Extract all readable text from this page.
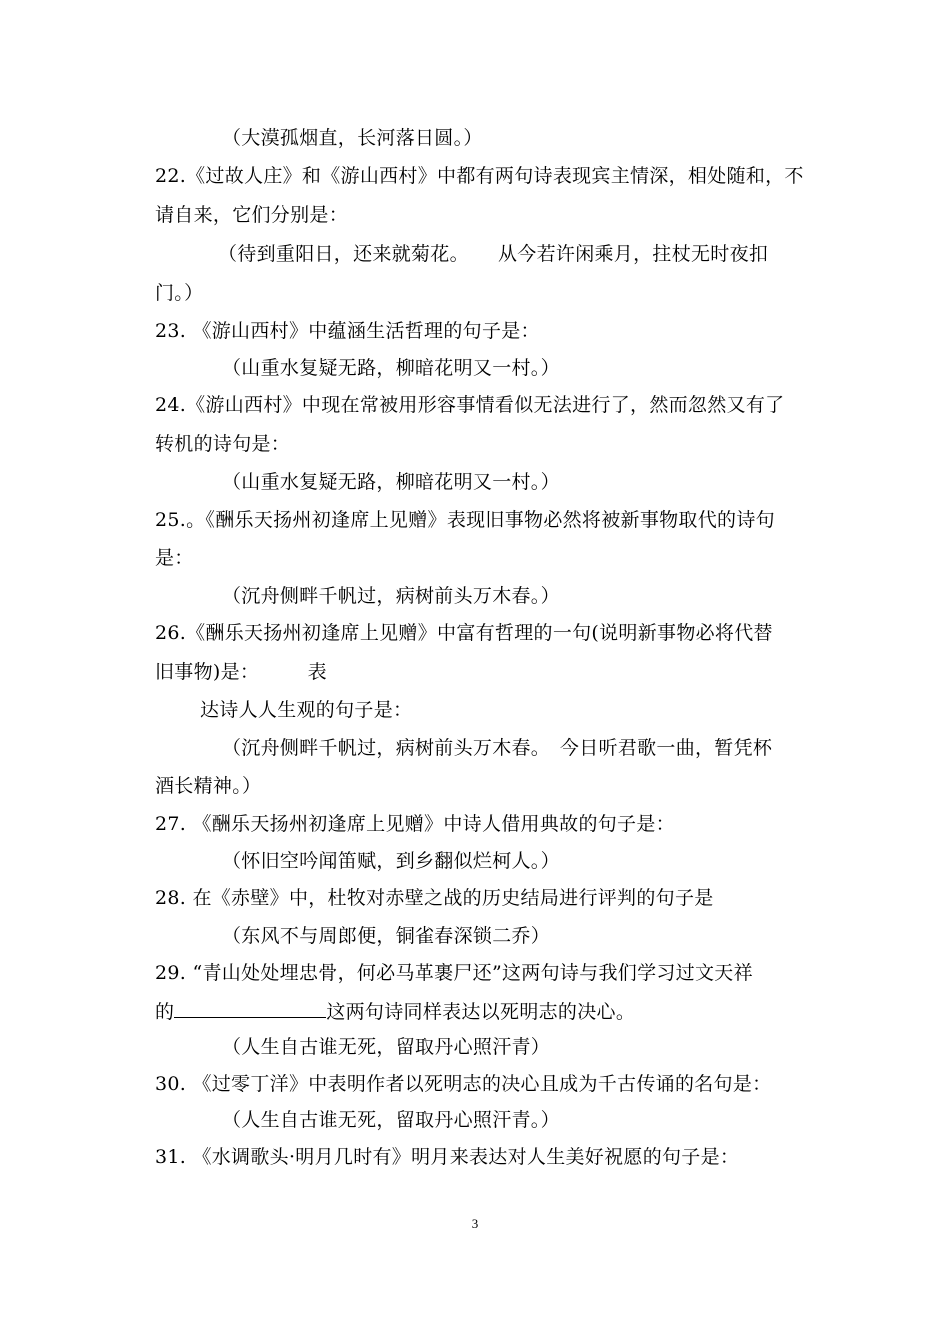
（大漠孤烟直，长河落日圆。）
22.《过故人庄》和《游山西村》中都有两句诗表现宾主情深，相处随和，不
请自来，它们分别是：
（待到重阳日，还来就菊花。　　从今若许闲乘月，拄杖无时夜扣
门。）
23. 《游山西村》中蕴涵生活哲理的句子是：
（山重水复疑无路，柳暗花明又一村。）
24.《游山西村》中现在常被用形容事情看似无法进行了，然而忽然又有了
转机的诗句是：
（山重水复疑无路，柳暗花明又一村。）
25.。《酬乐天扬州初逢席上见赠》表现旧事物必然将被新事物取代的诗句
是：
（沉舟侧畔千帆过，病树前头万木春。）
26.《酬乐天扬州初逢席上见赠》中富有哲理的一句(说明新事物必将代替
旧事物)是：　　　表
达诗人人生观的句子是：
（沉舟侧畔千帆过，病树前头万木春。　今日听君歌一曲，暂凭杯
酒长精神。）
27. 《酬乐天扬州初逢席上见赠》中诗人借用典故的句子是：
（怀旧空吟闻笛赋，到乡翻似烂柯人。）
28. 在《赤壁》中，杜牧对赤壁之战的历史结局进行评判的句子是
（东风不与周郎便，铜雀春深锁二乔）
29. “青山处处埋忠骨，何必马革裹尸还”这两句诗与我们学习过文天祥
的	这两句诗同样表达以死明志的决心。
（人生自古谁无死，留取丹心照汗青）
30. 《过零丁洋》中表明作者以死明志的决心且成为千古传诵的名句是：
（人生自古谁无死，留取丹心照汗青。）
31. 《水调歌头·明月几时有》明月来表达对人生美好祝愿的句子是：
3
